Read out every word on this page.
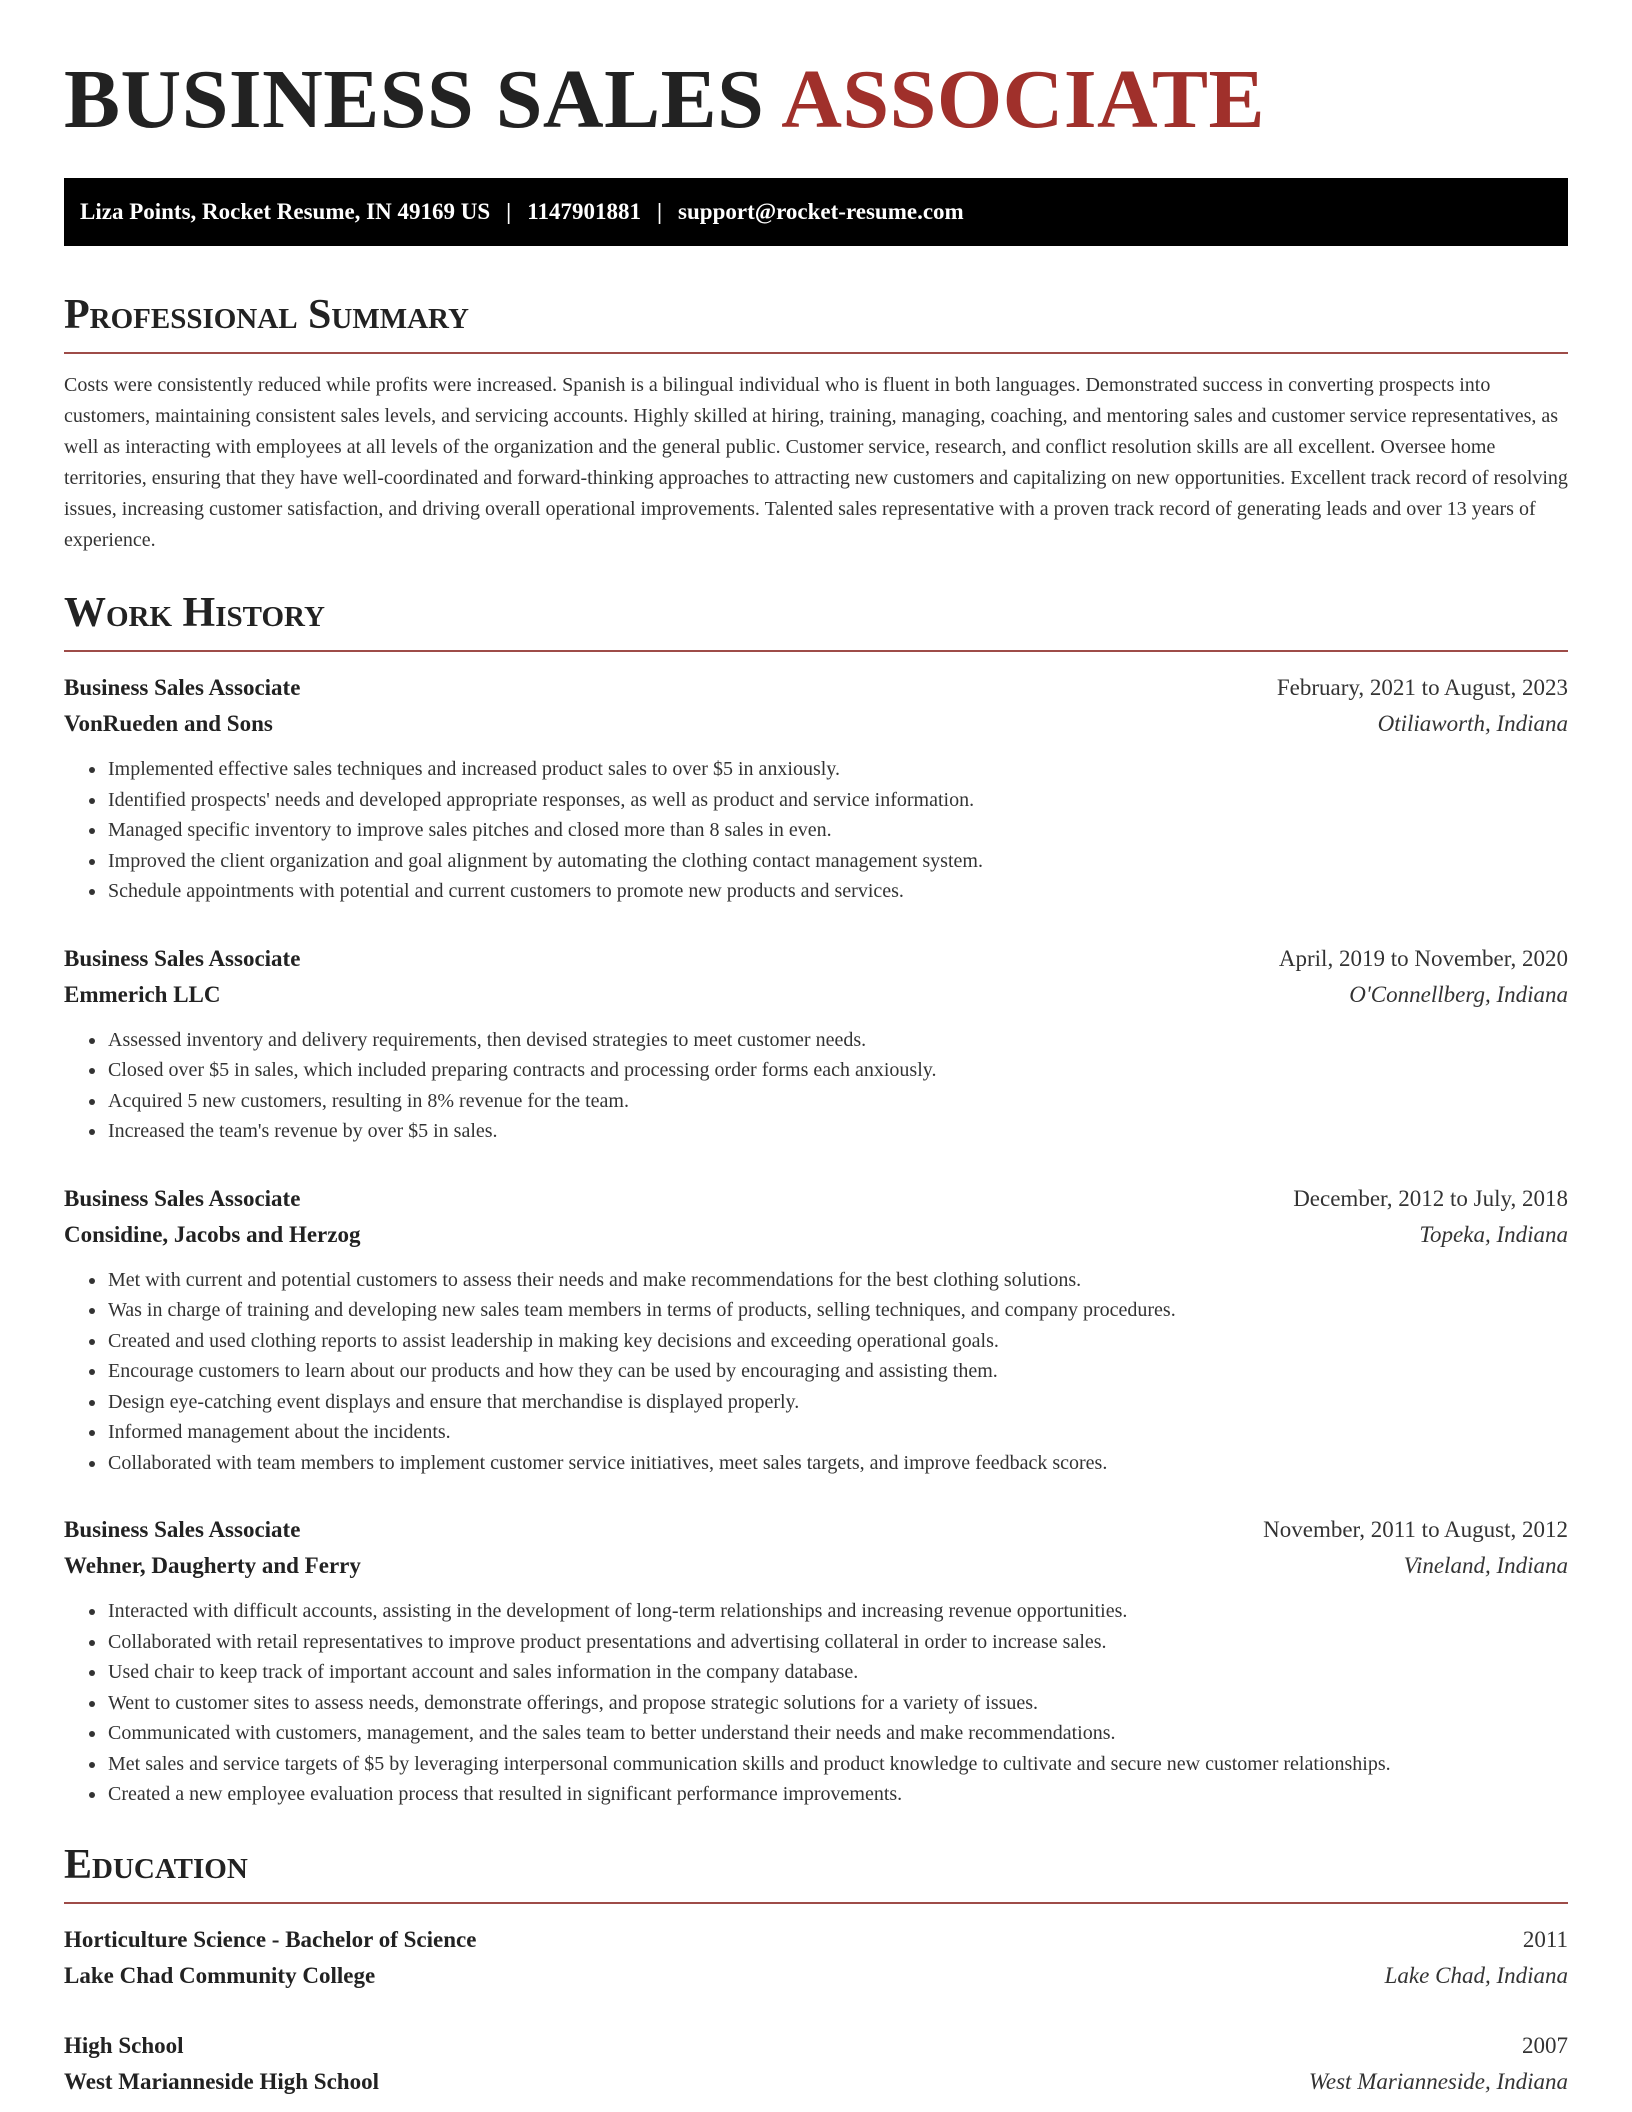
BUSINESS SALES ASSOCIATE
Liza Points, Rocket Resume, IN 49169 US | 1147901881 | support@rocket-resume.com
Professional Summary

Costs were consistently reduced while profits were increased. Spanish is a bilingual individual who is fluent in both languages. Demonstrated success in converting prospects into customers, maintaining consistent sales levels, and servicing accounts. Highly skilled at hiring, training, managing, coaching, and mentoring sales and customer service representatives, as well as interacting with employees at all levels of the organization and the general public. Customer service, research, and conflict resolution skills are all excellent. Oversee home territories, ensuring that they have well-coordinated and forward-thinking approaches to attracting new customers and capitalizing on new opportunities. Excellent track record of resolving issues, increasing customer satisfaction, and driving overall operational improvements. Talented sales representative with a proven track record of generating leads and over 13 years of experience.

Work History
Business Sales Associate	February, 2021 to August, 2023
VonRueden and Sons	Otiliaworth, Indiana
• Implemented effective sales techniques and increased product sales to over $5 in anxiously.
• Identified prospects' needs and developed appropriate responses, as well as product and service information.
• Managed specific inventory to improve sales pitches and closed more than 8 sales in even.
• Improved the client organization and goal alignment by automating the clothing contact management system.
• Schedule appointments with potential and current customers to promote new products and services.
Business Sales Associate	April, 2019 to November, 2020
Emmerich LLC	O'Connellberg, Indiana
• Assessed inventory and delivery requirements, then devised strategies to meet customer needs.
• Closed over $5 in sales, which included preparing contracts and processing order forms each anxiously.
• Acquired 5 new customers, resulting in 8% revenue for the team.
• Increased the team's revenue by over $5 in sales.
Business Sales Associate	December, 2012 to July, 2018
Considine, Jacobs and Herzog	Topeka, Indiana
• Met with current and potential customers to assess their needs and make recommendations for the best clothing solutions.
• Was in charge of training and developing new sales team members in terms of products, selling techniques, and company procedures.
• Created and used clothing reports to assist leadership in making key decisions and exceeding operational goals.
• Encourage customers to learn about our products and how they can be used by encouraging and assisting them.
• Design eye-catching event displays and ensure that merchandise is displayed properly.
• Informed management about the incidents.
• Collaborated with team members to implement customer service initiatives, meet sales targets, and improve feedback scores.
Business Sales Associate	November, 2011 to August, 2012
Wehner, Daugherty and Ferry	Vineland, Indiana
• Interacted with difficult accounts, assisting in the development of long-term relationships and increasing revenue opportunities.
• Collaborated with retail representatives to improve product presentations and advertising collateral in order to increase sales.
• Used chair to keep track of important account and sales information in the company database.
• Went to customer sites to assess needs, demonstrate offerings, and propose strategic solutions for a variety of issues.
• Communicated with customers, management, and the sales team to better understand their needs and make recommendations.
• Met sales and service targets of $5 by leveraging interpersonal communication skills and product knowledge to cultivate and secure new customer relationships.
• Created a new employee evaluation process that resulted in significant performance improvements.
Education
Horticulture Science - Bachelor of Science	2011
Lake Chad Community College	Lake Chad, Indiana
High School	2007
West Marianneside High School	West Marianneside, Indiana
